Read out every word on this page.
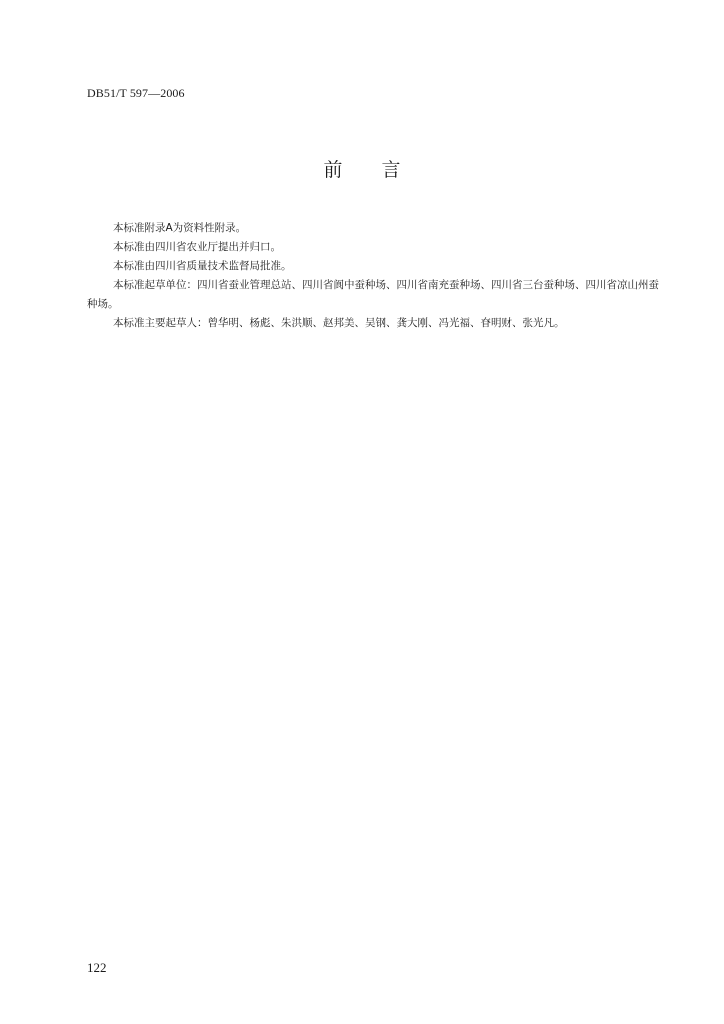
DB51/T 597—2006
前 言

本标准附录A为资料性附录。

本标准由四川省农业厅提出并归口。

本标准由四川省质量技术监督局批准。

本标准起草单位：四川省蚕业管理总站、四川省阆中蚕种场、四川省南充蚕种场、四川省三台蚕种场、四川省凉山州蚕种场。

本标准主要起草人：曾华明、杨彪、朱洪顺、赵邦美、吴钢、龚大刚、冯光福、眘明财、张光凡。

122
